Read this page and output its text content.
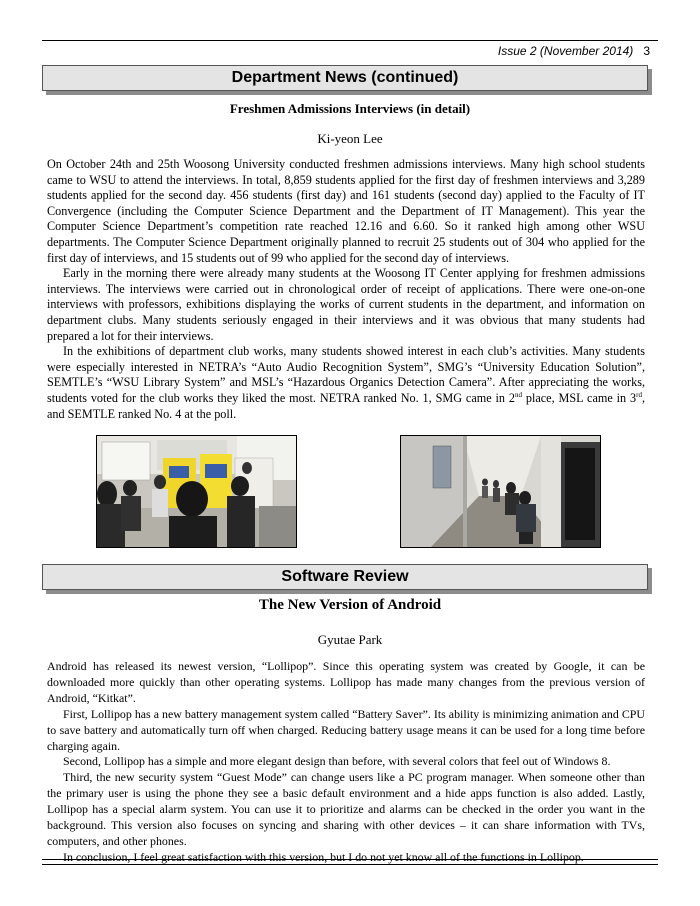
Issue 2 (November 2014) 3
Department News (continued)
Freshmen Admissions Interviews (in detail)
Ki-yeon Lee

On October 24th and 25th Woosong University conducted freshmen admissions interviews. Many high school students came to WSU to attend the interviews. In total, 8,859 students applied for the first day of freshmen interviews and 3,289 students applied for the second day. 456 students (first day) and 161 students (second day) applied to the Faculty of IT Convergence (including the Computer Science Department and the Department of IT Management). This year the Computer Science Department’s competition rate reached 12.16 and 6.60. So it ranked high among other WSU departments. The Computer Science Department originally planned to recruit 25 students out of 304 who applied for the first day of interviews, and 15 students out of 99 who applied for the second day of interviews.

Early in the morning there were already many students at the Woosong IT Center applying for freshmen admissions interviews. The interviews were carried out in chronological order of receipt of applications. There were one-on-one interviews with professors, exhibitions displaying the works of current students in the department, and information on department clubs. Many students seriously engaged in their interviews and it was obvious that many students had prepared a lot for their interviews.

In the exhibitions of department club works, many students showed interest in each club’s activities. Many students were especially interested in NETRA’s “Auto Audio Recognition System”, SMG’s “University Education Solution”, SEMTLE’s “WSU Library System” and MSL’s “Hazardous Organics Detection Camera”. After appreciating the works, students voted for the club works they liked the most. NETRA ranked No. 1, SMG came in 2nd place, MSL came in 3rd, and SEMTLE ranked No. 4 at the poll.

Software Review
The New Version of Android
Gyutae Park

Android has released its newest version, “Lollipop”. Since this operating system was created by Google, it can be downloaded more quickly than other operating systems. Lollipop has made many changes from the previous version of Android, “Kitkat”.

First, Lollipop has a new battery management system called “Battery Saver”. Its ability is minimizing animation and CPU to save battery and automatically turn off when charged. Reducing battery usage means it can be used for a long time before charging again.

Second, Lollipop has a simple and more elegant design than before, with several colors that feel out of Windows 8.

Third, the new security system “Guest Mode” can change users like a PC program manager. When someone other than the primary user is using the phone they see a basic default environment and a hide apps function is also added. Lastly, Lollipop has a special alarm system. You can use it to prioritize and alarms can be checked in the order you want in the background. This version also focuses on syncing and sharing with other devices – it can share information with TVs, computers, and other phones.

In conclusion, I feel great satisfaction with this version, but I do not yet know all of the functions in Lollipop.
